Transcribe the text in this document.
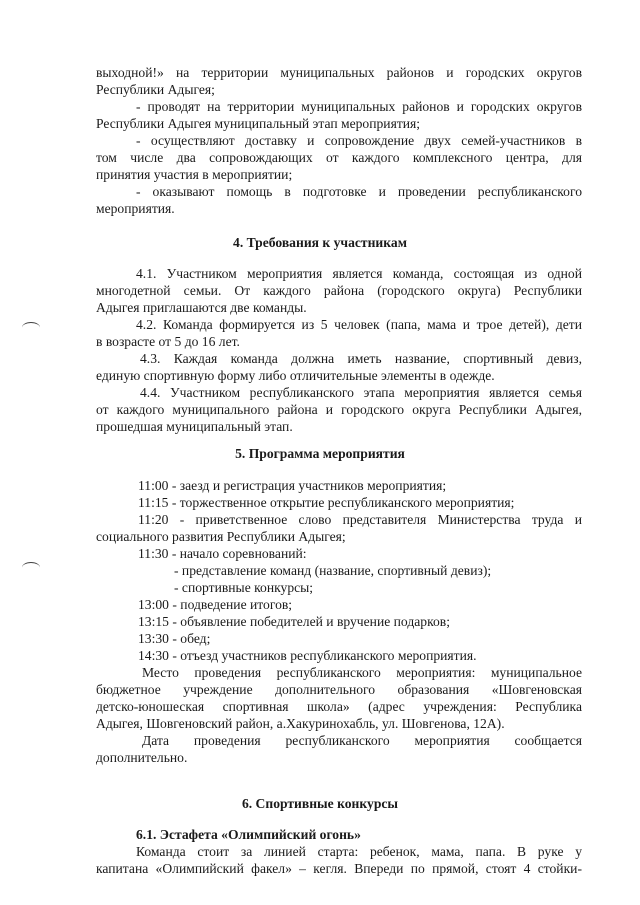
выходной!» на территории муниципальных районов и городских округов
Республики Адыгея;
- проводят на территории муниципальных районов и городских округов
Республики Адыгея муниципальный этап мероприятия;
- осуществляют доставку и сопровождение двух семей-участников в
том числе два сопровождающих от каждого комплексного центра, для
принятия участия в мероприятии;
- оказывают помощь в подготовке и проведении республиканского
мероприятия.
4. Требования к участникам
4.1. Участником мероприятия является команда, состоящая из одной
многодетной семьи. От каждого района (городского округа) Республики
Адыгея приглашаются две команды.
4.2. Команда формируется из 5 человек (папа, мама и трое детей), дети
в возрасте от 5 до 16 лет.
4.3. Каждая команда должна иметь название, спортивный девиз,
единую спортивную форму либо отличительные элементы в одежде.
4.4. Участником республиканского этапа мероприятия является семья
от каждого муниципального района и городского округа Республики Адыгея,
прошедшая муниципальный этап.
5. Программа мероприятия
11:00 - заезд и регистрация участников мероприятия;
11:15 - торжественное открытие республиканского мероприятия;
11:20 - приветственное слово представителя Министерства труда и
социального развития Республики Адыгея;
11:30 - начало соревнований:
- представление команд (название, спортивный девиз);
- спортивные конкурсы;
13:00 - подведение итогов;
13:15 - объявление победителей и вручение подарков;
13:30 - обед;
14:30 - отъезд участников республиканского мероприятия.
Место проведения республиканского мероприятия: муниципальное
бюджетное учреждение дополнительного образования «Шовгеновская
детско-юношеская спортивная школа» (адрес учреждения: Республика
Адыгея, Шовгеновский район, а.Хакуринохабль, ул. Шовгенова, 12А).
Дата проведения республиканского мероприятия сообщается
дополнительно.
6. Спортивные конкурсы
6.1. Эстафета «Олимпийский огонь»
Команда стоит за линией старта: ребенок, мама, папа. В руке у
капитана «Олимпийский факел» – кегля. Впереди по прямой, стоят 4 стойки-
